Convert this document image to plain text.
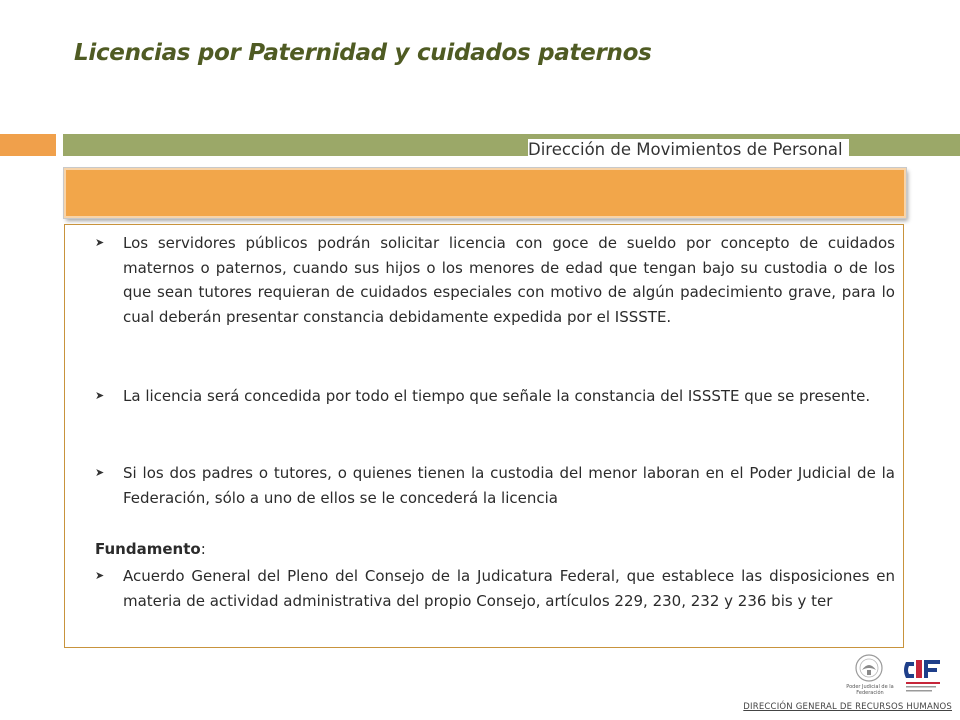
Licencias por Paternidad y cuidados paternos
Dirección de Movimientos de Personal
➤ Los servidores públicos podrán solicitar licencia con goce de sueldo por concepto de cuidados maternos o paternos, cuando sus hijos o los menores de edad que tengan bajo su custodia o de los que sean tutores requieran de cuidados especiales con motivo de algún padecimiento grave, para lo cual deberán presentar constancia debidamente expedida por el ISSSTE.
➤ La licencia será concedida por todo el tiempo que señale la constancia del ISSSTE que se presente.
➤ Si los dos padres o tutores, o quienes tienen la custodia del menor laboran en el Poder Judicial de la Federación, sólo a uno de ellos se le concederá la licencia
Fundamento:
➤ Acuerdo General del Pleno del Consejo de la Judicatura Federal, que establece las disposiciones en materia de actividad administrativa del propio Consejo, artículos 229, 230, 232 y 236 bis y ter
Poder Judicial de la Federación
DIRECCIÓN GENERAL DE RECURSOS HUMANOS
